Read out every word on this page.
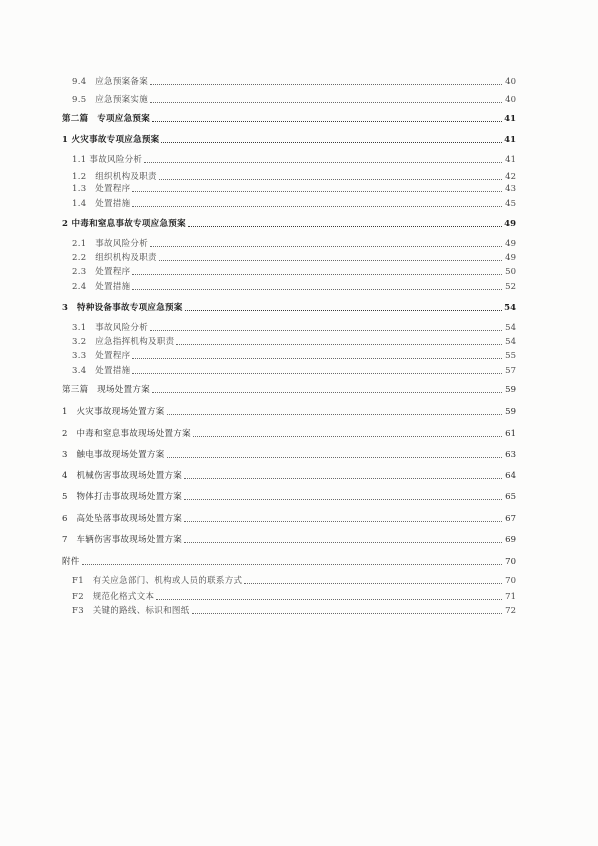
9.4　应急预案备案	40
9.5　应急预案实施	40
第二篇　专项应急预案	41
1 火灾事故专项应急预案	41
1.1 事故风险分析	41
1.2　组织机构及职责	42
1.3　处置程序	43
1.4　处置措施	45
2 中毒和窒息事故专项应急预案	49
2.1　事故风险分析	49
2.2　组织机构及职责	49
2.3　处置程序	50
2.4　处置措施	52
3　特种设备事故专项应急预案	54
3.1　事故风险分析	54
3.2　应急指挥机构及职责	54
3.3　处置程序	55
3.4　处置措施	57
第三篇　现场处置方案	59
1　火灾事故现场处置方案	59
2　中毒和窒息事故现场处置方案	61
3　触电事故现场处置方案	63
4　机械伤害事故现场处置方案	64
5　物体打击事故现场处置方案	65
6　高处坠落事故现场处置方案	67
7　车辆伤害事故现场处置方案	69
附件	70
F1　有关应急部门、机构或人员的联系方式	70
F2　规范化格式文本	71
F3　关键的路线、标识和图纸	72
